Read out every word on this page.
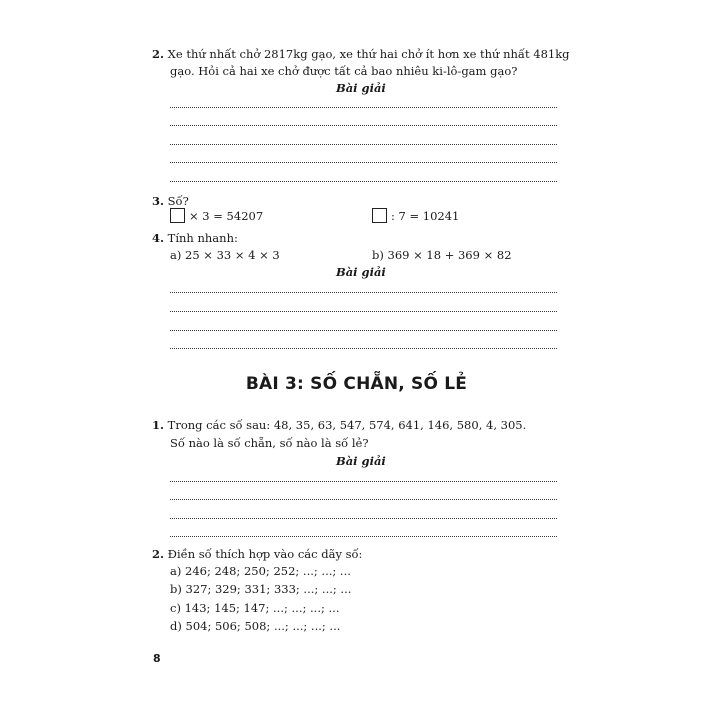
2. Xe thứ nhất chở 2817kg gạo, xe thứ hai chở ít hơn xe thứ nhất 481kg
gạo. Hỏi cả hai xe chở được tất cả bao nhiêu ki-lô-gam gạo?
Bài giải
3. Số?
× 3 = 54207	: 7 = 10241
4. Tính nhanh:
a) 25 × 33 × 4 × 3	b) 369 × 18 + 369 × 82
Bài giải
BÀI 3: SỐ CHẴN, SỐ LẺ
1. Trong các số sau: 48, 35, 63, 547, 574, 641, 146, 580, 4, 305.
Số nào là số chẵn, số nào là số lẻ?
Bài giải
2. Điền số thích hợp vào các dãy số:
a) 246; 248; 250; 252; ...; ...; ...
b) 327; 329; 331; 333; ...; ...; ...
c) 143; 145; 147; ...; ...; ...; ...
d) 504; 506; 508; ...; ...; ...; ...
8
